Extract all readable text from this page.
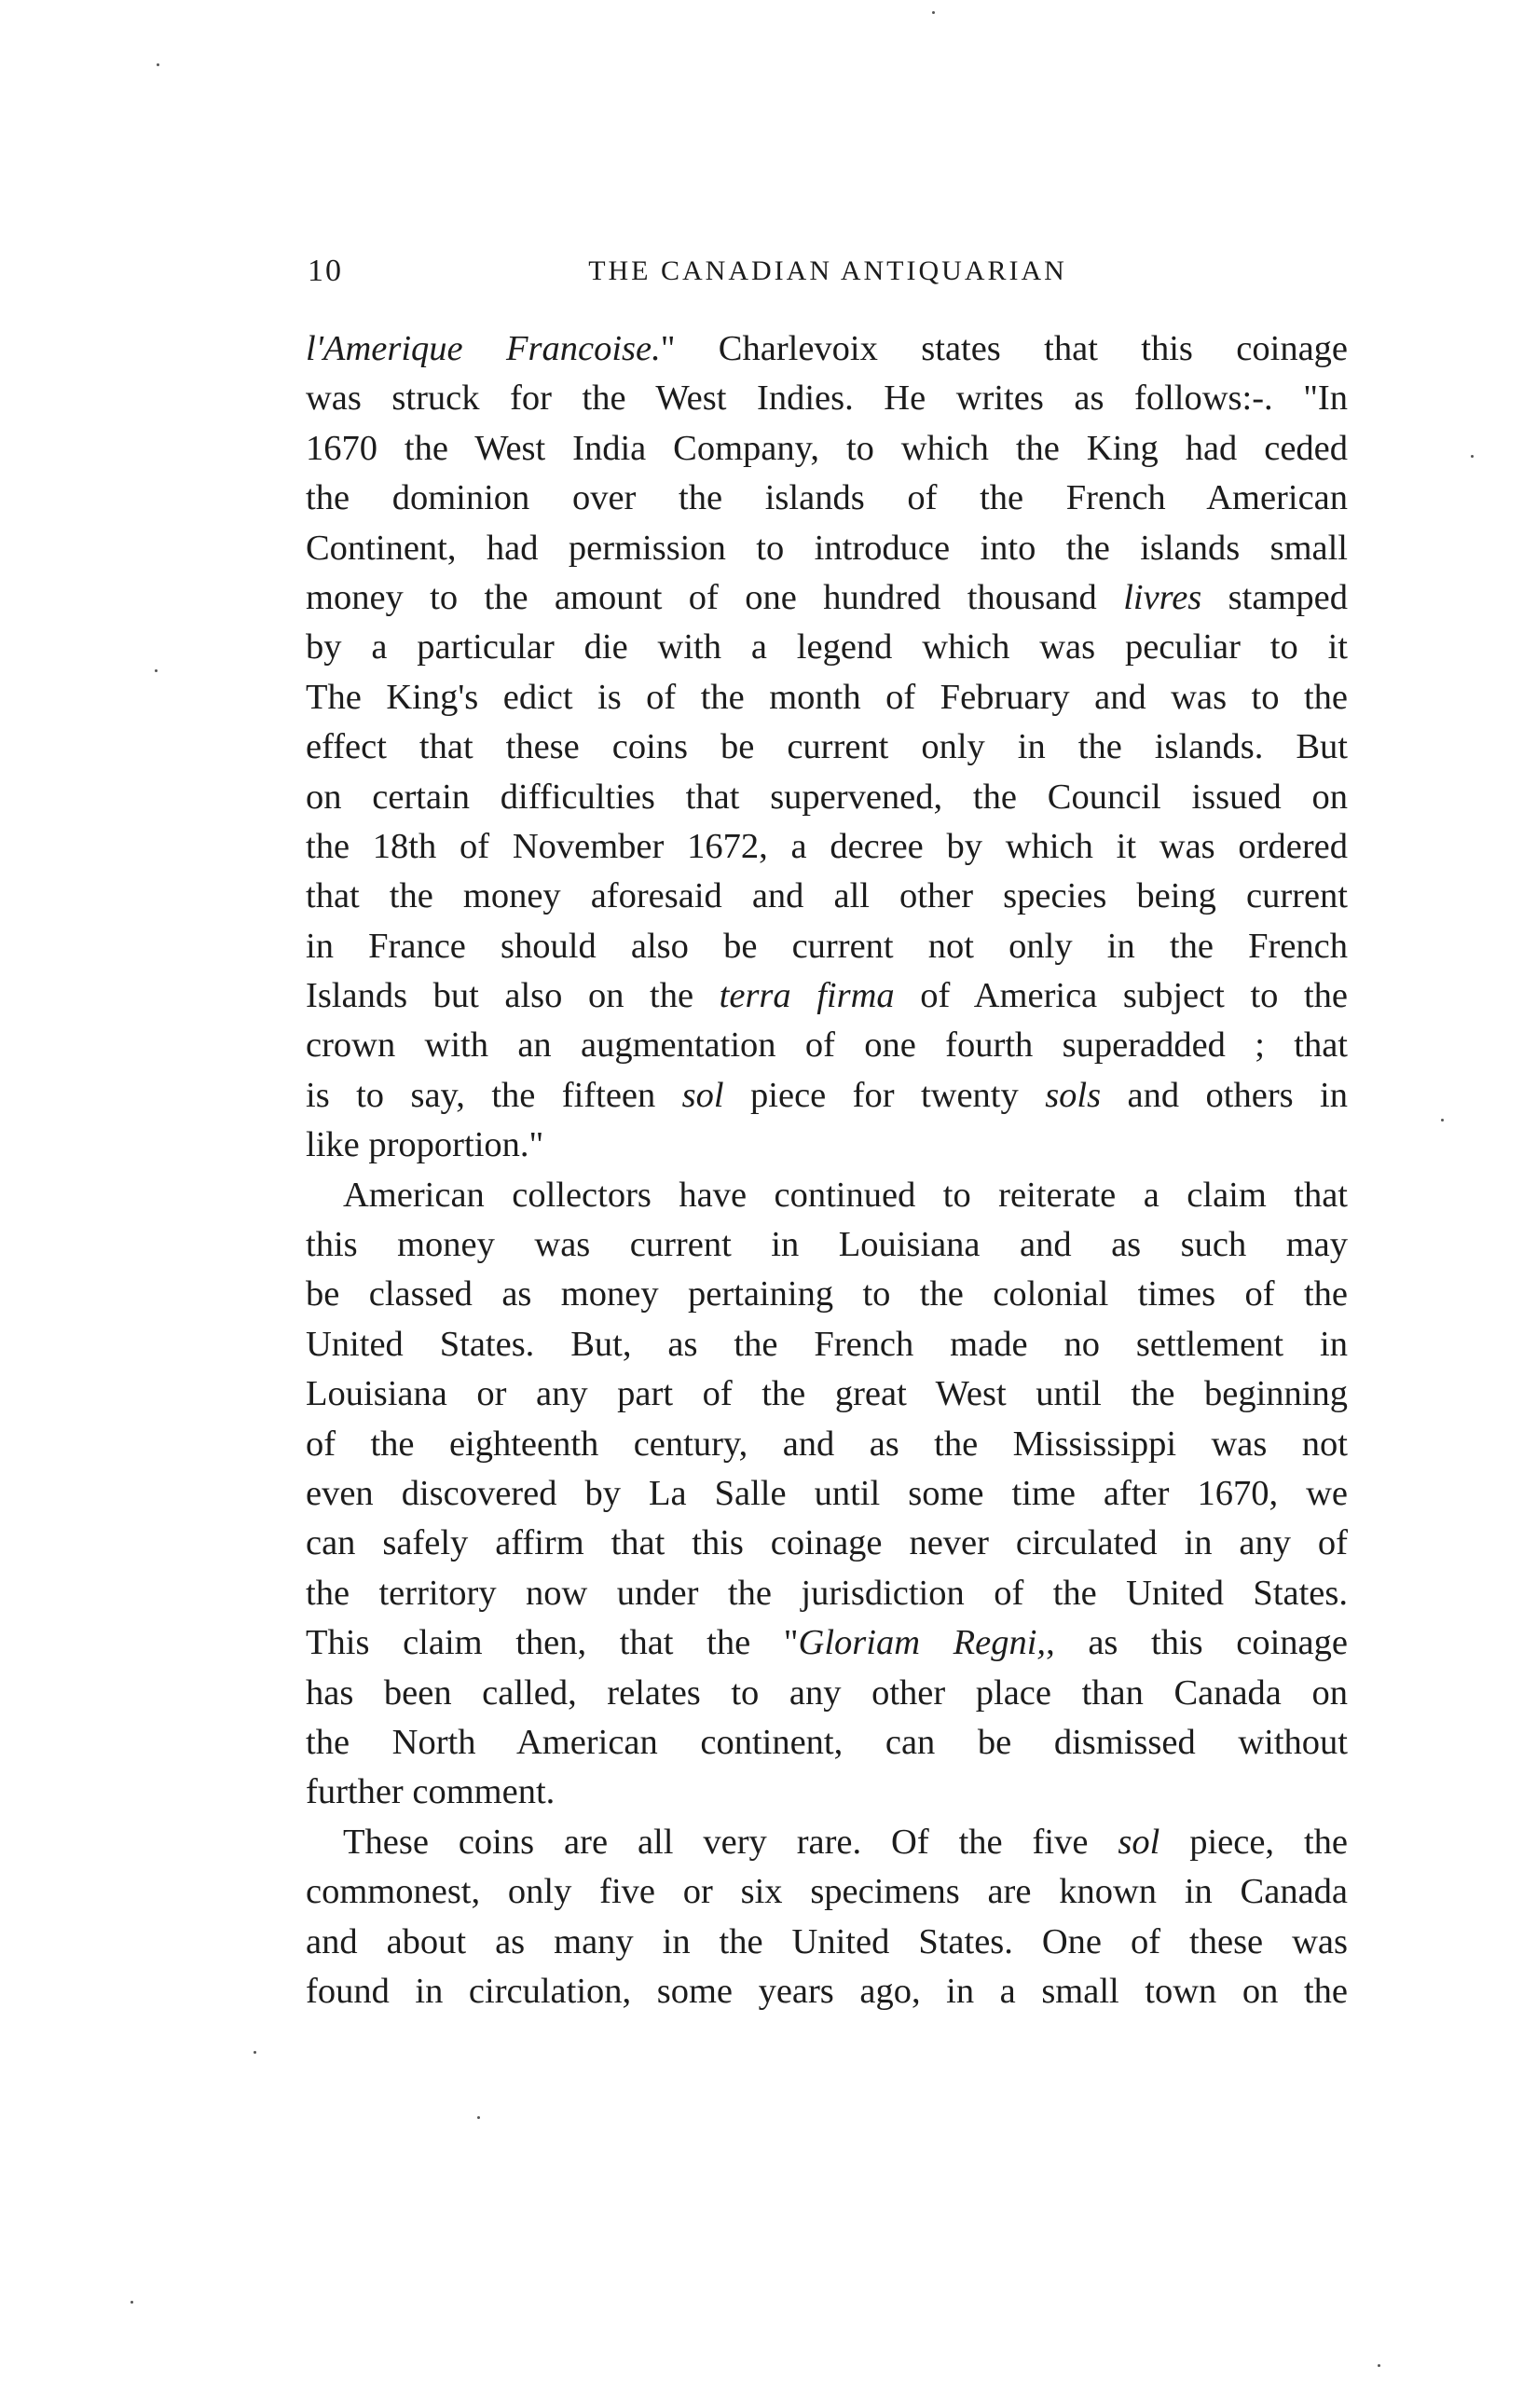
10	THE CANADIAN ANTIQUARIAN
l'Amerique Francoise." Charlevoix states that this coinage
was struck for the West Indies. He writes as follows:-. "In
1670 the West India Company, to which the King had ceded
the dominion over the islands of the French American
Continent, had permission to introduce into the islands small
money to the amount of one hundred thousand livres stamped
by a particular die with a legend which was peculiar to it
The King's edict is of the month of February and was to the
effect that these coins be current only in the islands. But
on certain difficulties that supervened, the Council issued on
the 18th of November 1672, a decree by which it was ordered
that the money aforesaid and all other species being current
in France should also be current not only in the French
Islands but also on the terra firma of America subject to the
crown with an augmentation of one fourth superadded ; that
is to say, the fifteen sol piece for twenty sols and others in
like proportion."
American collectors have continued to reiterate a claim that
this money was current in Louisiana and as such may
be classed as money pertaining to the colonial times of the
United States. But, as the French made no settlement in
Louisiana or any part of the great West until the beginning
of the eighteenth century, and as the Mississippi was not
even discovered by La Salle until some time after 1670, we
can safely affirm that this coinage never circulated in any of
the territory now under the jurisdiction of the United States.
This claim then, that the "Gloriam Regni,, as this coinage
has been called, relates to any other place than Canada on
the North American continent, can be dismissed without
further comment.
These coins are all very rare. Of the five sol piece, the
commonest, only five or six specimens are known in Canada
and about as many in the United States. One of these was
found in circulation, some years ago, in a small town on the
